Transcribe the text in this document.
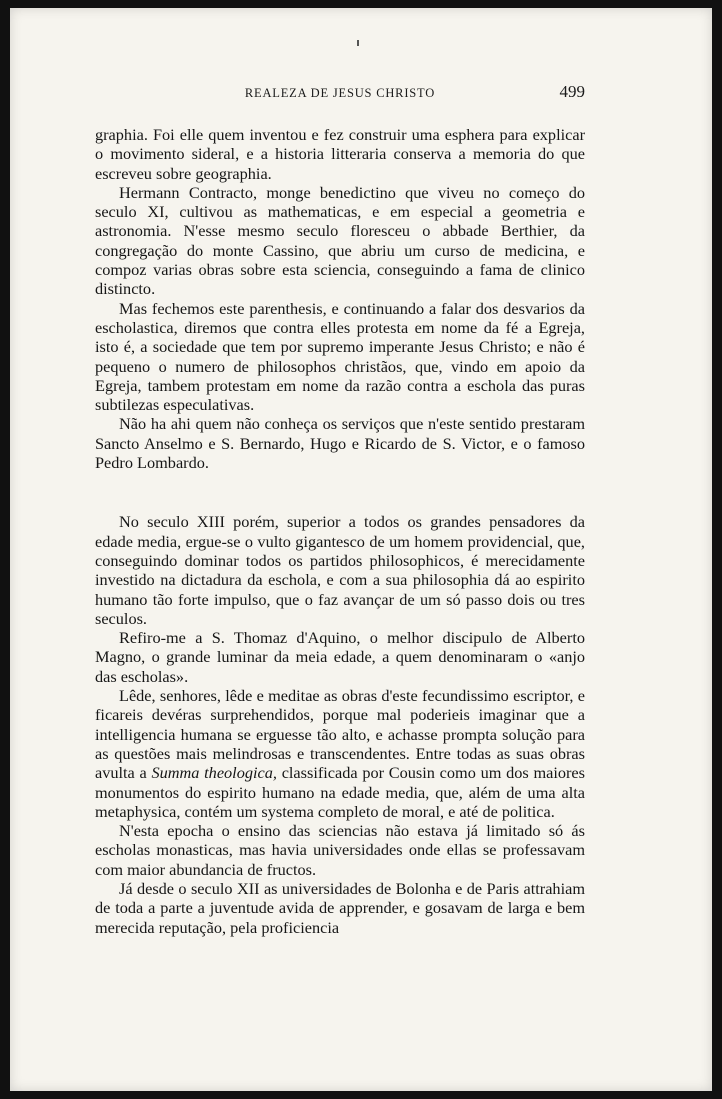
REALEZA DE JESUS CHRISTO	499

graphia. Foi elle quem inventou e fez construir uma esphera para explicar o movimento sideral, e a historia litteraria conserva a memoria do que escreveu sobre geographia.

Hermann Contracto, monge benedictino que viveu no começo do seculo XI, cultivou as mathematicas, e em especial a geometria e astronomia. N'esse mesmo seculo floresceu o abbade Berthier, da congregação do monte Cassino, que abriu um curso de medicina, e compoz varias obras sobre esta sciencia, conseguindo a fama de clinico distincto.

Mas fechemos este parenthesis, e continuando a falar dos desvarios da escholastica, diremos que contra elles protesta em nome da fé a Egreja, isto é, a sociedade que tem por supremo imperante Jesus Christo; e não é pequeno o numero de philosophos christãos, que, vindo em apoio da Egreja, tambem protestam em nome da razão contra a eschola das puras subtilezas especulativas.

Não ha ahi quem não conheça os serviços que n'este sentido prestaram Sancto Anselmo e S. Bernardo, Hugo e Ricardo de S. Victor, e o famoso Pedro Lombardo.

No seculo XIII porém, superior a todos os grandes pensadores da edade media, ergue-se o vulto gigantesco de um homem providencial, que, conseguindo dominar todos os partidos philosophicos, é merecidamente investido na dictadura da eschola, e com a sua philosophia dá ao espirito humano tão forte impulso, que o faz avançar de um só passo dois ou tres seculos.

Refiro-me a S. Thomaz d'Aquino, o melhor discipulo de Alberto Magno, o grande luminar da meia edade, a quem denominaram o «anjo das escholas».

Lêde, senhores, lêde e meditae as obras d'este fecundissimo escriptor, e ficareis devéras surprehendidos, porque mal poderieis imaginar que a intelligencia humana se erguesse tão alto, e achasse prompta solução para as questões mais melindrosas e transcendentes. Entre todas as suas obras avulta a Summa theologica, classificada por Cousin como um dos maiores monumentos do espirito humano na edade media, que, além de uma alta metaphysica, contém um systema completo de moral, e até de politica.

N'esta epocha o ensino das sciencias não estava já limitado só ás escholas monasticas, mas havia universidades onde ellas se professavam com maior abundancia de fructos.

Já desde o seculo XII as universidades de Bolonha e de Paris attrahiam de toda a parte a juventude avida de apprender, e gosavam de larga e bem merecida reputação, pela proficiencia
